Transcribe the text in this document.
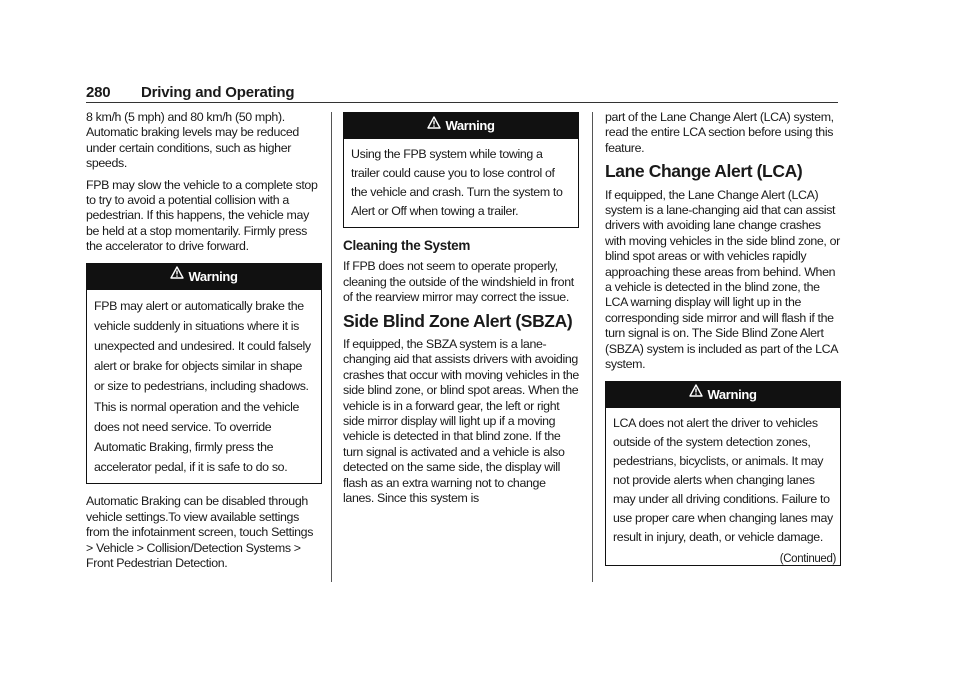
280 Driving and Operating

8 km/h (5 mph) and 80 km/h (50 mph). Automatic braking levels may be reduced under certain conditions, such as higher speeds.

FPB may slow the vehicle to a complete stop to try to avoid a potential collision with a pedestrian. If this happens, the vehicle may be held at a stop momentarily. Firmly press the accelerator to drive forward.

Warning
FPB may alert or automatically brake the vehicle suddenly in situations where it is unexpected and undesired. It could falsely alert or brake for objects similar in shape or size to pedestrians, including shadows. This is normal operation and the vehicle does not need service. To override Automatic Braking, firmly press the accelerator pedal, if it is safe to do so.

Automatic Braking can be disabled through vehicle settings.To view available settings from the infotainment screen, touch Settings > Vehicle > Collision/Detection Systems > Front Pedestrian Detection.

Warning
Using the FPB system while towing a trailer could cause you to lose control of the vehicle and crash. Turn the system to Alert or Off when towing a trailer.
Cleaning the System

If FPB does not seem to operate properly, cleaning the outside of the windshield in front of the rearview mirror may correct the issue.

Side Blind Zone Alert (SBZA)

If equipped, the SBZA system is a lane-changing aid that assists drivers with avoiding crashes that occur with moving vehicles in the side blind zone, or blind spot areas. When the vehicle is in a forward gear, the left or right side mirror display will light up if a moving vehicle is detected in that blind zone. If the turn signal is activated and a vehicle is also detected on the same side, the display will flash as an extra warning not to change lanes. Since this system is

part of the Lane Change Alert (LCA) system, read the entire LCA section before using this feature.

Lane Change Alert (LCA)

If equipped, the Lane Change Alert (LCA) system is a lane-changing aid that can assist drivers with avoiding lane change crashes with moving vehicles in the side blind zone, or blind spot areas or with vehicles rapidly approaching these areas from behind. When a vehicle is detected in the blind zone, the LCA warning display will light up in the corresponding side mirror and will flash if the turn signal is on. The Side Blind Zone Alert (SBZA) system is included as part of the LCA system.

Warning
LCA does not alert the driver to vehicles outside of the system detection zones, pedestrians, bicyclists, or animals. It may not provide alerts when changing lanes may under all driving conditions. Failure to use proper care when changing lanes may result in injury, death, or vehicle damage.
(Continued)
